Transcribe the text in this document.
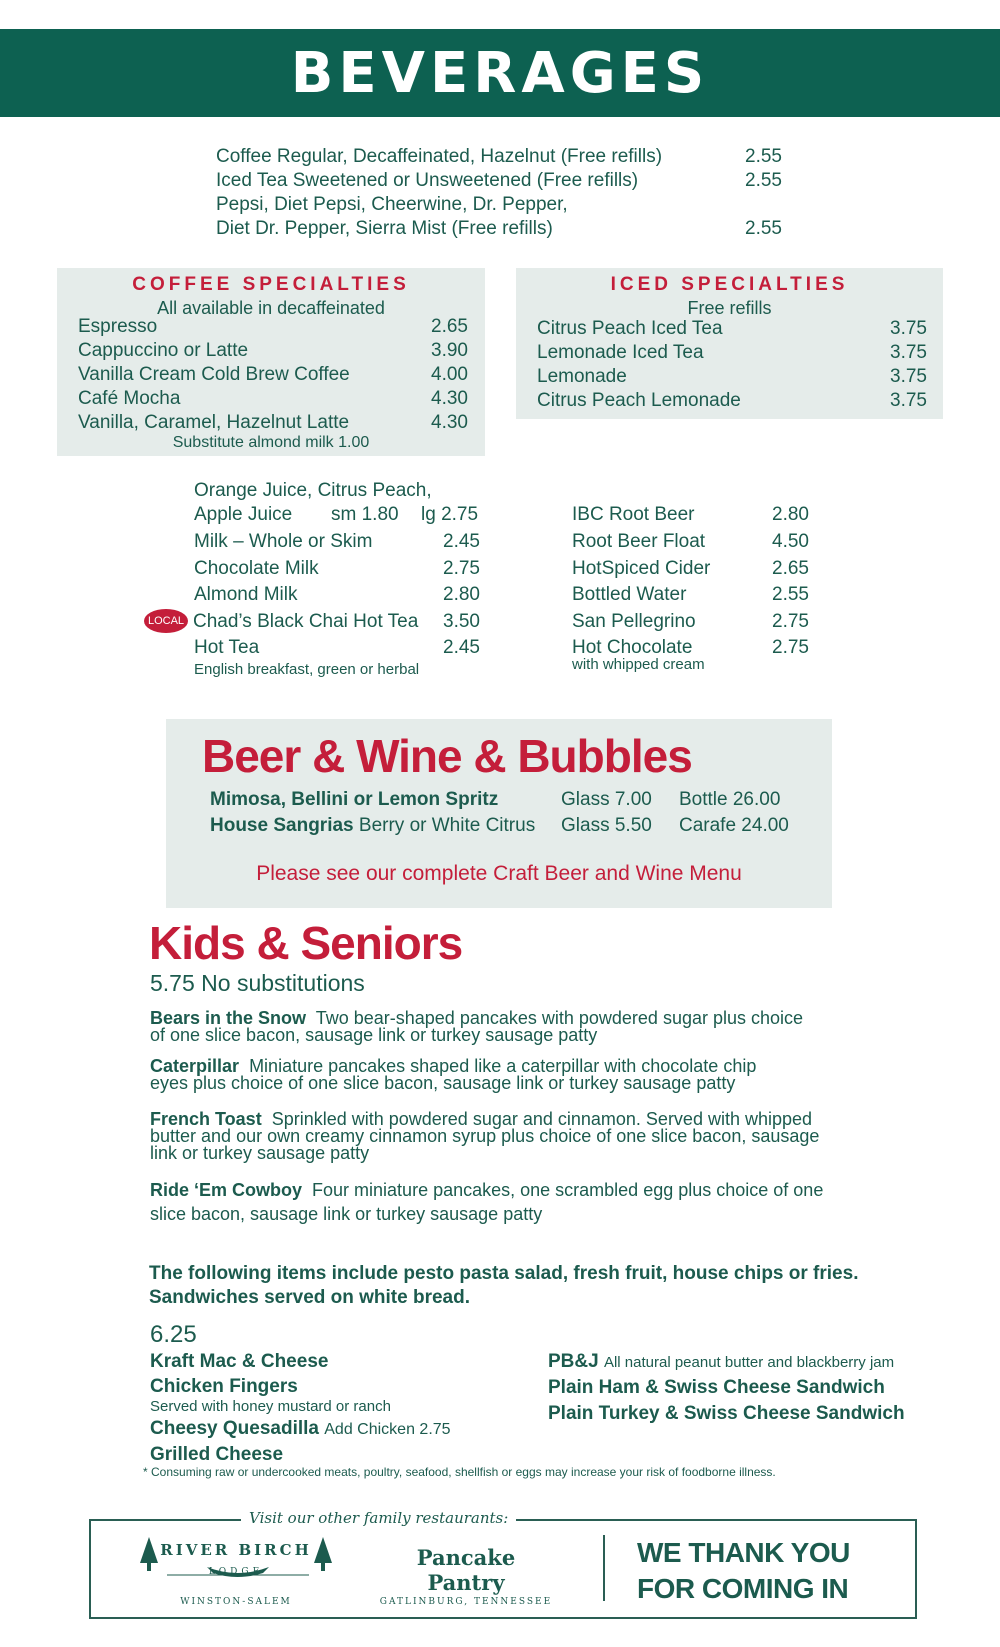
BEVERAGES
Coffee Regular, Decaffeinated, Hazelnut (Free refills)	2.55
Iced Tea Sweetened or Unsweetened (Free refills)	2.55
Pepsi, Diet Pepsi, Cheerwine, Dr. Pepper,
Diet Dr. Pepper, Sierra Mist (Free refills)	2.55
COFFEE SPECIALTIES
All available in decaffeinated
Espresso	2.65
Cappuccino or Latte	3.90
Vanilla Cream Cold Brew Coffee	4.00
Café Mocha	4.30
Vanilla, Caramel, Hazelnut Latte	4.30
Substitute almond milk 1.00
ICED SPECIALTIES
Free refills
Citrus Peach Iced Tea	3.75
Lemonade Iced Tea	3.75
Lemonade	3.75
Citrus Peach Lemonade	3.75
Orange Juice, Citrus Peach,
Apple Juice sm 1.80 lg 2.75
Milk – Whole or Skim	2.45
Chocolate Milk	2.75
Almond Milk	2.80
LOCAL Chad’s Black Chai Hot Tea 3.50
Hot Tea	2.45
English breakfast, green or herbal
IBC Root Beer	2.80
Root Beer Float	4.50
HotSpiced Cider	2.65
Bottled Water	2.55
San Pellegrino	2.75
Hot Chocolate	2.75
with whipped cream
Beer & Wine & Bubbles
Mimosa, Bellini or Lemon Spritz	Glass 7.00 Bottle 26.00
House Sangrias Berry or White Citrus Glass 5.50 Carafe 24.00
Please see our complete Craft Beer and Wine Menu
Kids & Seniors
5.75 No substitutions
Bears in the Snow Two bear-shaped pancakes with powdered sugar plus choice
of one slice bacon, sausage link or turkey sausage patty
Caterpillar Miniature pancakes shaped like a caterpillar with chocolate chip
eyes plus choice of one slice bacon, sausage link or turkey sausage patty
French Toast Sprinkled with powdered sugar and cinnamon. Served with whipped
butter and our own creamy cinnamon syrup plus choice of one slice bacon, sausage
link or turkey sausage patty
Ride ‘Em Cowboy Four miniature pancakes, one scrambled egg plus choice of one
slice bacon, sausage link or turkey sausage patty
The following items include pesto pasta salad, fresh fruit, house chips or fries.
Sandwiches served on white bread.
6.25
Kraft Mac & Cheese
Chicken Fingers
Served with honey mustard or ranch
Cheesy Quesadilla Add Chicken 2.75
Grilled Cheese
PB&J All natural peanut butter and blackberry jam
Plain Ham & Swiss Cheese Sandwich
Plain Turkey & Swiss Cheese Sandwich
* Consuming raw or undercooked meats, poultry, seafood, shellfish or eggs may increase your risk of foodborne illness.
Visit our other family restaurants:
RIVER BIRCH
LODGE
WINSTON-SALEM
Pancake Pantry
GATLINBURG, TENNESSEE
WE THANK YOU
FOR COMING IN
